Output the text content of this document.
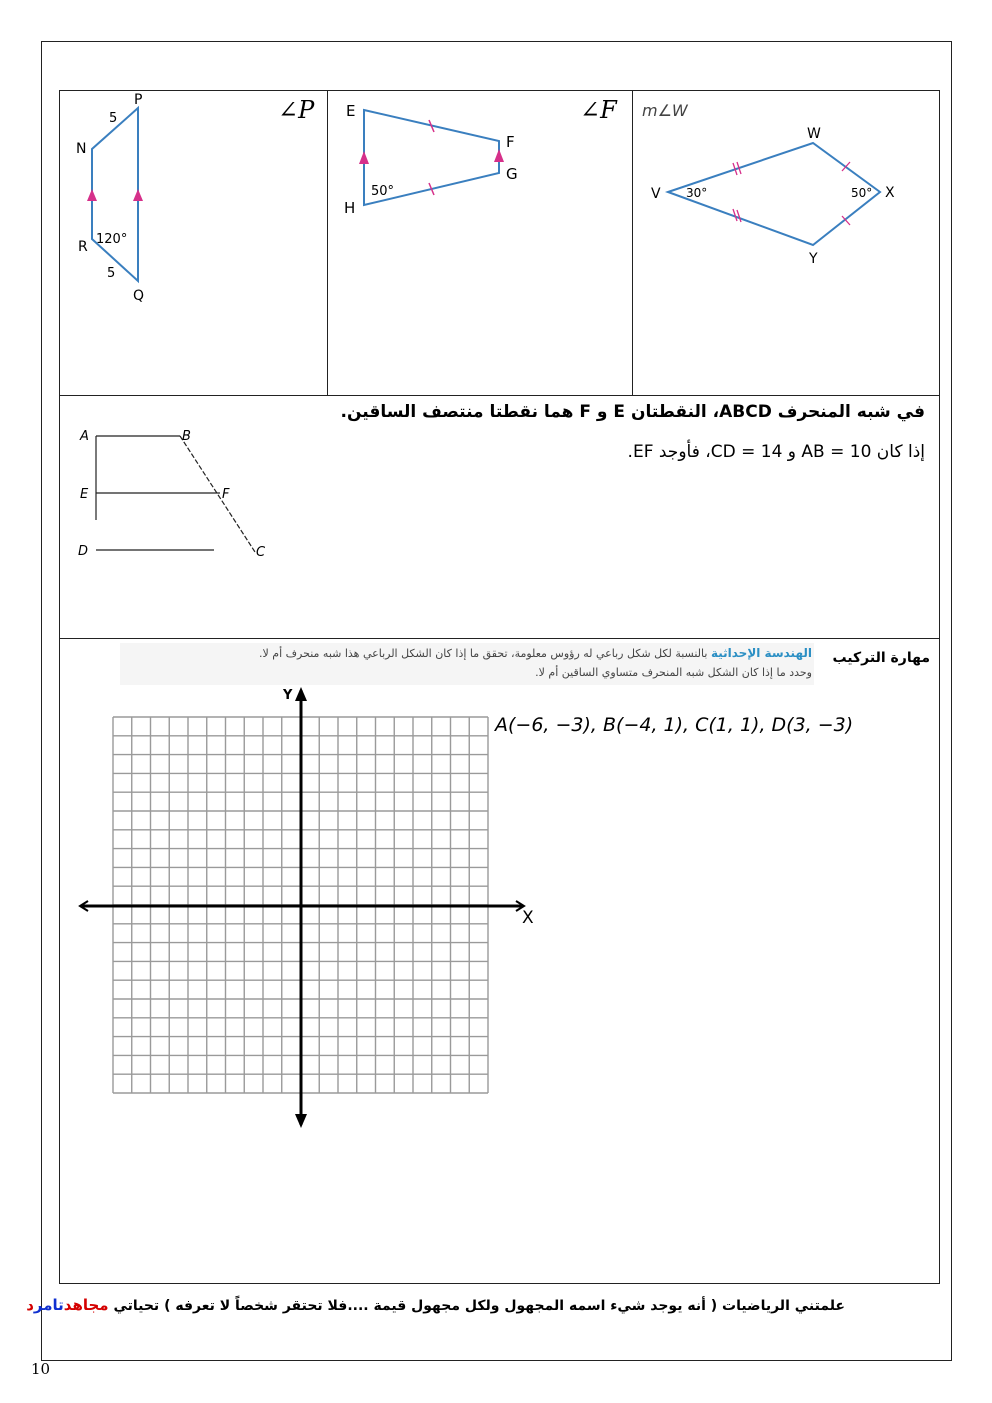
∠P
P
N
R
Q
5
5
120°
∠F
E
F
G
H
50°
m∠W
V
W
X
Y
30°	50°
في شبه المنحرف ABCD، النقطتان E و F هما نقطتا منتصف الساقين.
إذا كان AB = 10 و CD = 14، فأوجد EF.
A	B
E	F
D	C
مهارة التركيب
الهندسة الإحداثية بالنسبة لكل شكل رباعي له رؤوس معلومة، تحقق ما إذا كان الشكل الرباعي هذا شبه منحرف أم لا.
وحدد ما إذا كان الشكل شبه المنحرف متساوي الساقين أم لا.
A(−6, −3), B(−4, 1), C(1, 1), D(3, −3)
X
Y
علمتني الرياضيات ( أنه يوجد شيء اسمه المجهول ولكل مجهول قيمة ....فلا تحتقر شخصاً لا تعرفه ) تحياتي مجاهدتامرد
10
